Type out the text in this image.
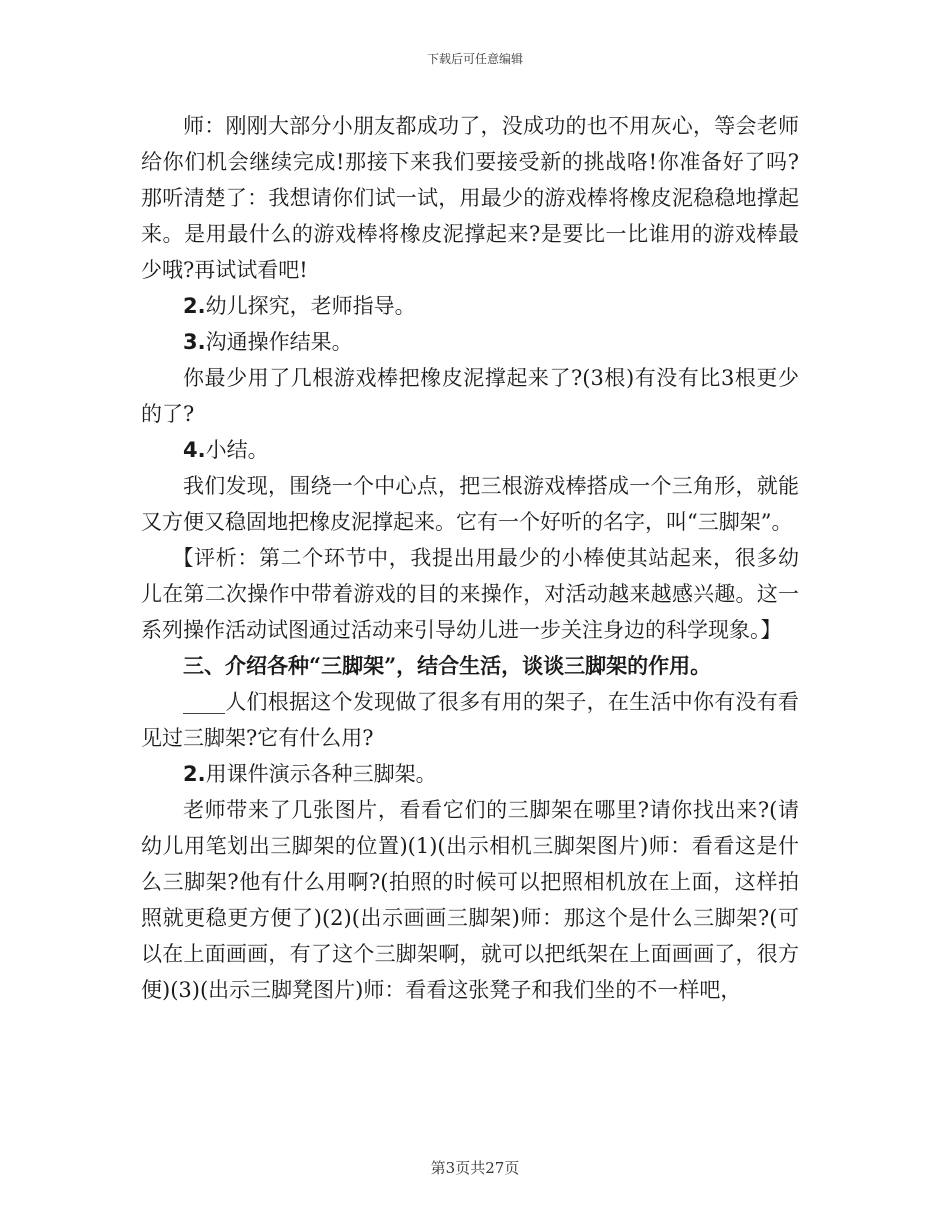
下载后可任意编辑

师：刚刚大部分小朋友都成功了，没成功的也不用灰心，等会老师给你们机会继续完成!那接下来我们要接受新的挑战咯!你准备好了吗?那听清楚了：我想请你们试一试，用最少的游戏棒将橡皮泥稳稳地撑起来。是用最什么的游戏棒将橡皮泥撑起来?是要比一比谁用的游戏棒最少哦?再试试看吧!

2.幼儿探究，老师指导。

3.沟通操作结果。

你最少用了几根游戏棒把橡皮泥撑起来了?(3根)有没有比3根更少的了?

4.小结。

我们发现，围绕一个中心点，把三根游戏棒搭成一个三角形，就能又方便又稳固地把橡皮泥撑起来。它有一个好听的名字，叫“三脚架”。

【评析：第二个环节中，我提出用最少的小棒使其站起来，很多幼儿在第二次操作中带着游戏的目的来操作，对活动越来越感兴趣。这一系列操作活动试图通过活动来引导幼儿进一步关注身边的科学现象。】

三、介绍各种“三脚架”，结合生活，谈谈三脚架的作用。

____人们根据这个发现做了很多有用的架子，在生活中你有没有看见过三脚架?它有什么用?

2.用课件演示各种三脚架。

老师带来了几张图片，看看它们的三脚架在哪里?请你找出来?(请幼儿用笔划出三脚架的位置)(1)(出示相机三脚架图片)师：看看这是什么三脚架?他有什么用啊?(拍照的时候可以把照相机放在上面，这样拍照就更稳更方便了)(2)(出示画画三脚架)师：那这个是什么三脚架?(可以在上面画画，有了这个三脚架啊，就可以把纸架在上面画画了，很方便)(3)(出示三脚凳图片)师：看看这张凳子和我们坐的不一样吧，

第3页共27页
